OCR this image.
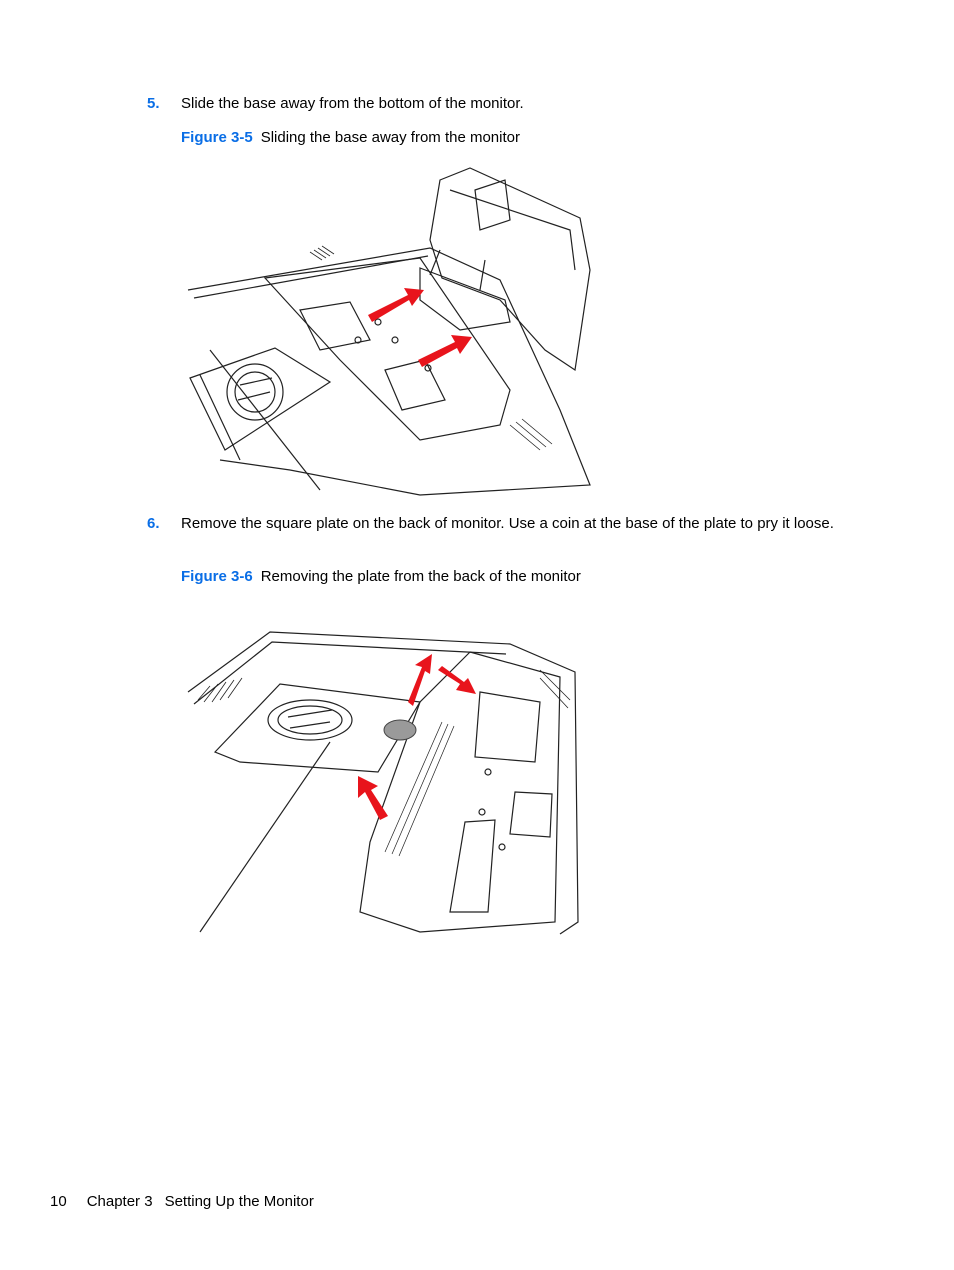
5.	Slide the base away from the bottom of the monitor.
Figure 3-5 Sliding the base away from the monitor
6.	Remove the square plate on the back of monitor. Use a coin at the base of the plate to pry it loose.
Figure 3-6 Removing the plate from the back of the monitor
10 Chapter 3 Setting Up the Monitor
